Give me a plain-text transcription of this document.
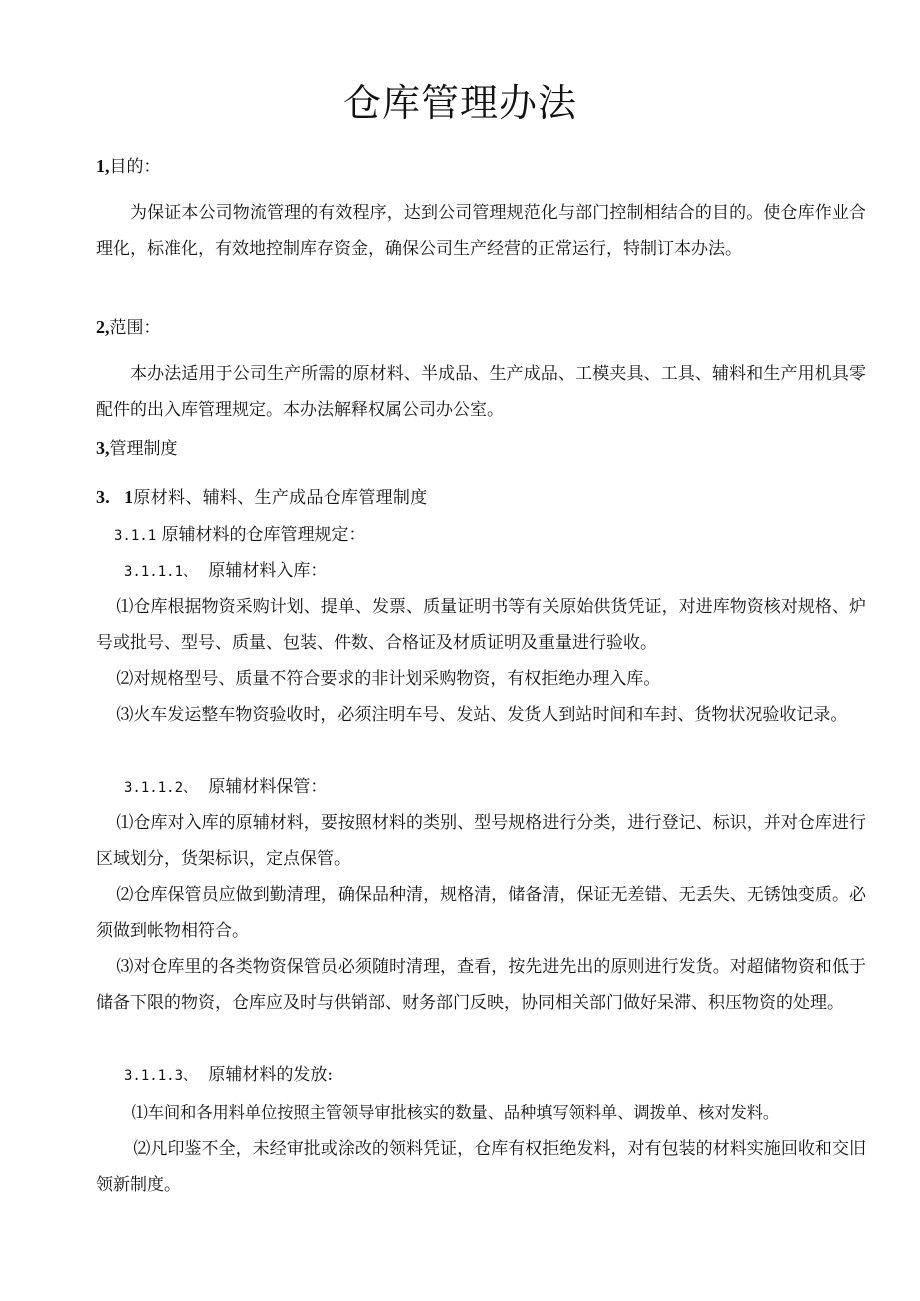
仓库管理办法
1,目的：
为保证本公司物流管理的有效程序，达到公司管理规范化与部门控制相结合的目的。使仓库作业合理化，标准化，有效地控制库存资金，确保公司生产经营的正常运行，特制订本办法。
2,范围：
本办法适用于公司生产所需的原材料、半成品、生产成品、工模夹具、工具、辅料和生产用机具零配件的出入库管理规定。本办法解释权属公司办公室。
3,管理制度
3. 1原材料、辅料、生产成品仓库管理制度
3.1.1 原辅材料的仓库管理规定：
3.1.1.1、 原辅材料入库：
⑴仓库根据物资采购计划、提单、发票、质量证明书等有关原始供货凭证，对进库物资核对规格、炉号或批号、型号、质量、包装、件数、合格证及材质证明及重量进行验收。
⑵对规格型号、质量不符合要求的非计划采购物资，有权拒绝办理入库。
⑶火车发运整车物资验收时，必须注明车号、发站、发货人到站时间和车封、货物状况验收记录。
3.1.1.2、 原辅材料保管：
⑴仓库对入库的原辅材料，要按照材料的类别、型号规格进行分类，进行登记、标识，并对仓库进行区域划分，货架标识，定点保管。
⑵仓库保管员应做到勤清理，确保品种清，规格清，储备清，保证无差错、无丢失、无锈蚀变质。必须做到帐物相符合。
⑶对仓库里的各类物资保管员必须随时清理，查看，按先进先出的原则进行发货。对超储物资和低于储备下限的物资，仓库应及时与供销部、财务部门反映，协同相关部门做好呆滞、积压物资的处理。
3.1.1.3、 原辅材料的发放:
⑴车间和各用料单位按照主管领导审批核实的数量、品种填写领料单、调拨单、核对发料。
⑵凡印鉴不全，未经审批或涂改的领料凭证，仓库有权拒绝发料，对有包装的材料实施回收和交旧领新制度。
